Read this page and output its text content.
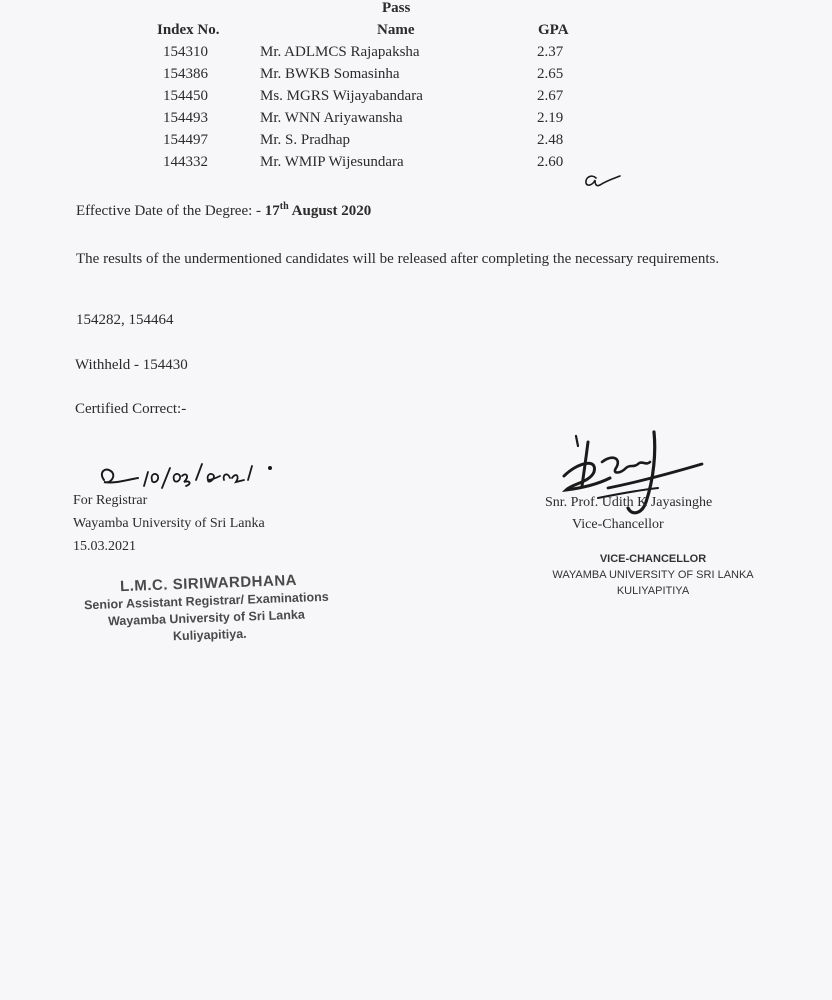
Pass
Index No.	Name	GPA
154310	Mr. ADLMCS Rajapaksha	2.37
154386	Mr. BWKB Somasinha	2.65
154450	Ms. MGRS Wijayabandara	2.67
154493	Mr. WNN Ariyawansha	2.19
154497	Mr. S. Pradhap	2.48
144332	Mr. WMIP Wijesundara	2.60
Effective Date of the Degree: - 17th August 2020
The results of the undermentioned candidates will be released after completing the necessary requirements.
154282, 154464
Withheld - 154430
Certified Correct:-
For Registrar
Wayamba University of Sri Lanka
15.03.2021
L.M.C. SIRIWARDHANA
Senior Assistant Registrar/ Examinations
Wayamba University of Sri Lanka
Kuliyapitiya.
Snr. Prof. Udith K Jayasinghe
Vice-Chancellor
VICE-CHANCELLOR
WAYAMBA UNIVERSITY OF SRI LANKA
KULIYAPITIYA
